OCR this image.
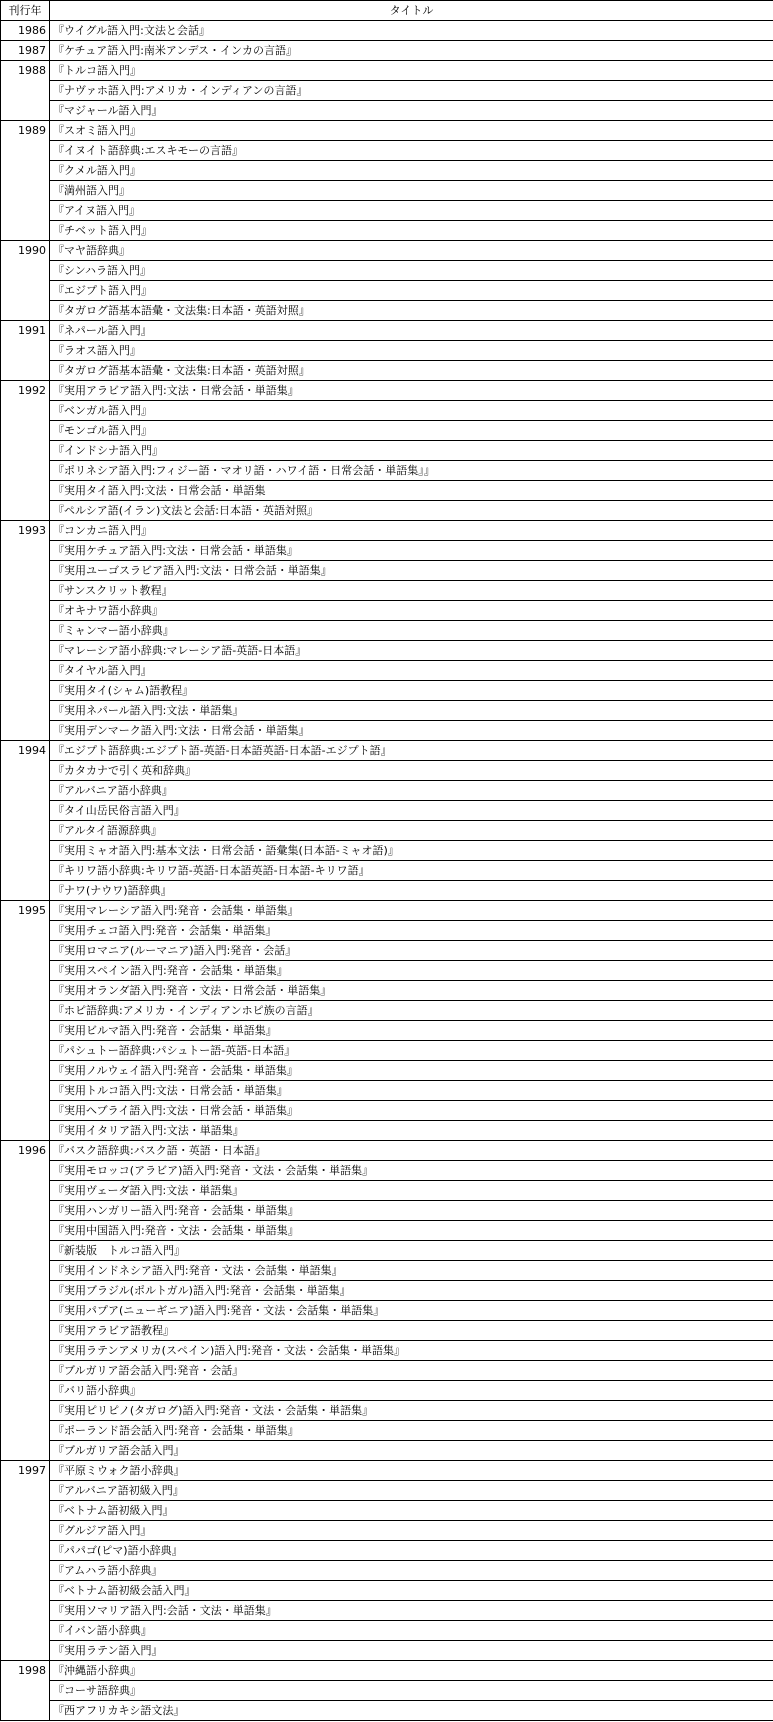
刊行年	タイトル
1986	『ウイグル語入門:文法と会話』
1987	『ケチュア語入門:南米アンデス・インカの言語』
1988	『トルコ語入門』
	『ナヴァホ語入門:アメリカ・インディアンの言語』
	『マジャール語入門』
1989	『スオミ語入門』
	『イヌイト語辞典:エスキモーの言語』
	『クメル語入門』
	『満州語入門』
	『アイヌ語入門』
	『チベット語入門』
1990	『マヤ語辞典』
	『シンハラ語入門』
	『エジプト語入門』
	『タガログ語基本語彙・文法集:日本語・英語対照』
1991	『ネパール語入門』
	『ラオス語入門』
	『タガログ語基本語彙・文法集:日本語・英語対照』
1992	『実用アラビア語入門:文法・日常会話・単語集』
	『ベンガル語入門』
	『モンゴル語入門』
	『インドシナ語入門』
	『ポリネシア語入門:フィジー語・マオリ語・ハワイ語・日常会話・単語集』』
	『実用タイ語入門:文法・日常会話・単語集
	『ペルシア語(イラン)文法と会話:日本語・英語対照』
1993	『コンカニ語入門』
	『実用ケチュア語入門:文法・日常会話・単語集』
	『実用ユーゴスラビア語入門:文法・日常会話・単語集』
	『サンスクリット教程』
	『オキナワ語小辞典』
	『ミャンマー語小辞典』
	『マレーシア語小辞典:マレーシア語-英語-日本語』
	『タイヤル語入門』
	『実用タイ(シャム)語教程』
	『実用ネパール語入門:文法・単語集』
	『実用デンマーク語入門:文法・日常会話・単語集』
1994	『エジプト語辞典:エジプト語-英語-日本語英語-日本語-エジプト語』
	『カタカナで引く英和辞典』
	『アルバニア語小辞典』
	『タイ山岳民俗言語入門』
	『アルタイ語源辞典』
	『実用ミャオ語入門:基本文法・日常会話・語彙集(日本語-ミャオ語)』
	『キリワ語小辞典:キリワ語-英語-日本語英語-日本語-キリワ語』
	『ナワ(ナウワ)語辞典』
1995	『実用マレーシア語入門:発音・会話集・単語集』
	『実用チェコ語入門:発音・会話集・単語集』
	『実用ロマニア(ルーマニア)語入門:発音・会話』
	『実用スペイン語入門:発音・会話集・単語集』
	『実用オランダ語入門:発音・文法・日常会話・単語集』
	『ホピ語辞典:アメリカ・インディアンホピ族の言語』
	『実用ビルマ語入門:発音・会話集・単語集』
	『パシュトー語辞典:パシュトー語-英語-日本語』
	『実用ノルウェイ語入門:発音・会話集・単語集』
	『実用トルコ語入門:文法・日常会話・単語集』
	『実用ヘブライ語入門:文法・日常会話・単語集』
	『実用イタリア語入門:文法・単語集』
1996	『バスク語辞典:バスク語・英語・日本語』
	『実用モロッコ(アラビア)語入門:発音・文法・会話集・単語集』
	『実用ヴェーダ語入門:文法・単語集』
	『実用ハンガリー語入門:発音・会話集・単語集』
	『実用中国語入門:発音・文法・会話集・単語集』
	『新装版　トルコ語入門』
	『実用インドネシア語入門:発音・文法・会話集・単語集』
	『実用ブラジル(ポルトガル)語入門:発音・会話集・単語集』
	『実用パプア(ニューギニア)語入門:発音・文法・会話集・単語集』
	『実用アラビア語教程』
	『実用ラテンアメリカ(スペイン)語入門:発音・文法・会話集・単語集』
	『ブルガリア語会話入門:発音・会話』
	『バリ語小辞典』
	『実用ピリピノ(タガログ)語入門:発音・文法・会話集・単語集』
	『ポーランド語会話入門:発音・会話集・単語集』
	『ブルガリア語会話入門』
1997	『平原ミウォク語小辞典』
	『アルバニア語初級入門』
	『ベトナム語初級入門』
	『グルジア語入門』
	『パパゴ(ピマ)語小辞典』
	『アムハラ語小辞典』
	『ベトナム語初級会話入門』
	『実用ソマリア語入門:会話・文法・単語集』
	『イバン語小辞典』
	『実用ラテン語入門』
1998	『沖縄語小辞典』
	『コーサ語辞典』
	『西アフリカキシ語文法』
